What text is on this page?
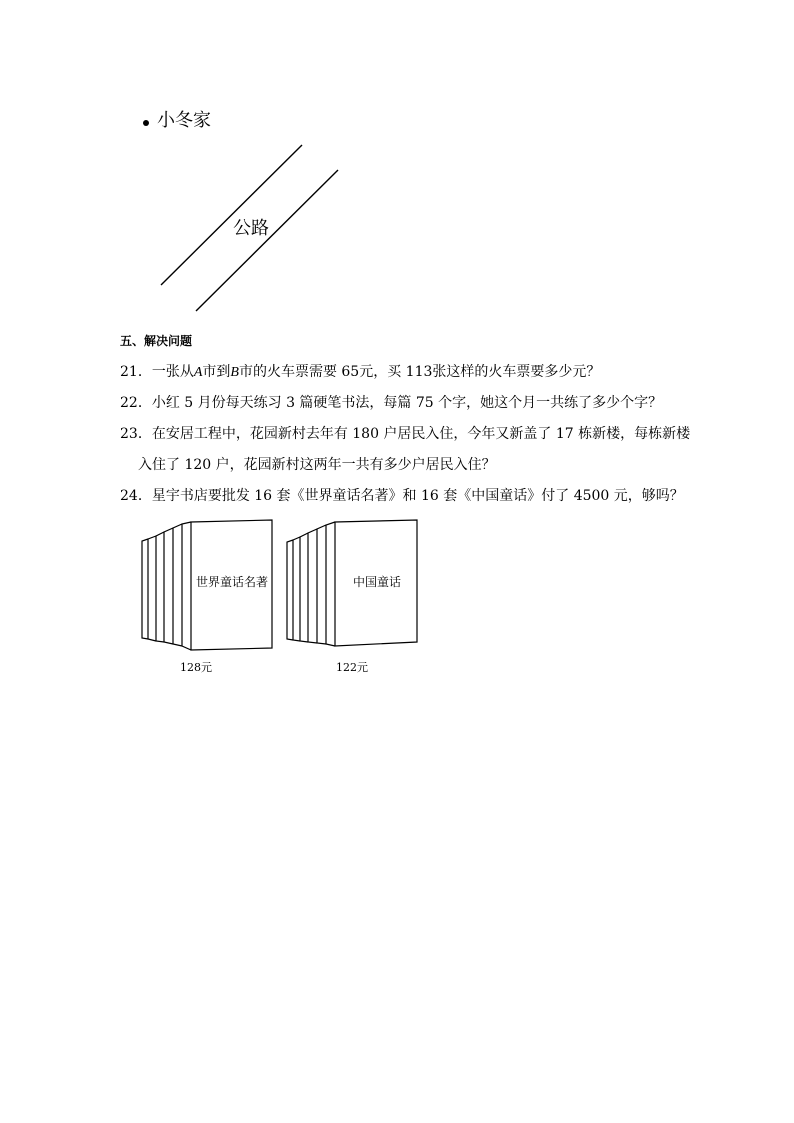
小冬家
公路
五、解决问题
21．一张从A市到B市的火车票需要 65元，买 113张这样的火车票要多少元？
22．小红 5 月份每天练习 3 篇硬笔书法，每篇 75 个字，她这个月一共练了多少个字？
23．在安居工程中，花园新村去年有 180 户居民入住，今年又新盖了 17 栋新楼，每栋新楼
入住了 120 户，花园新村这两年一共有多少户居民入住？
24．星宇书店要批发 16 套《世界童话名著》和 16 套《中国童话》付了 4500 元，够吗？
世界童话名著
128元
中国童话
122元
